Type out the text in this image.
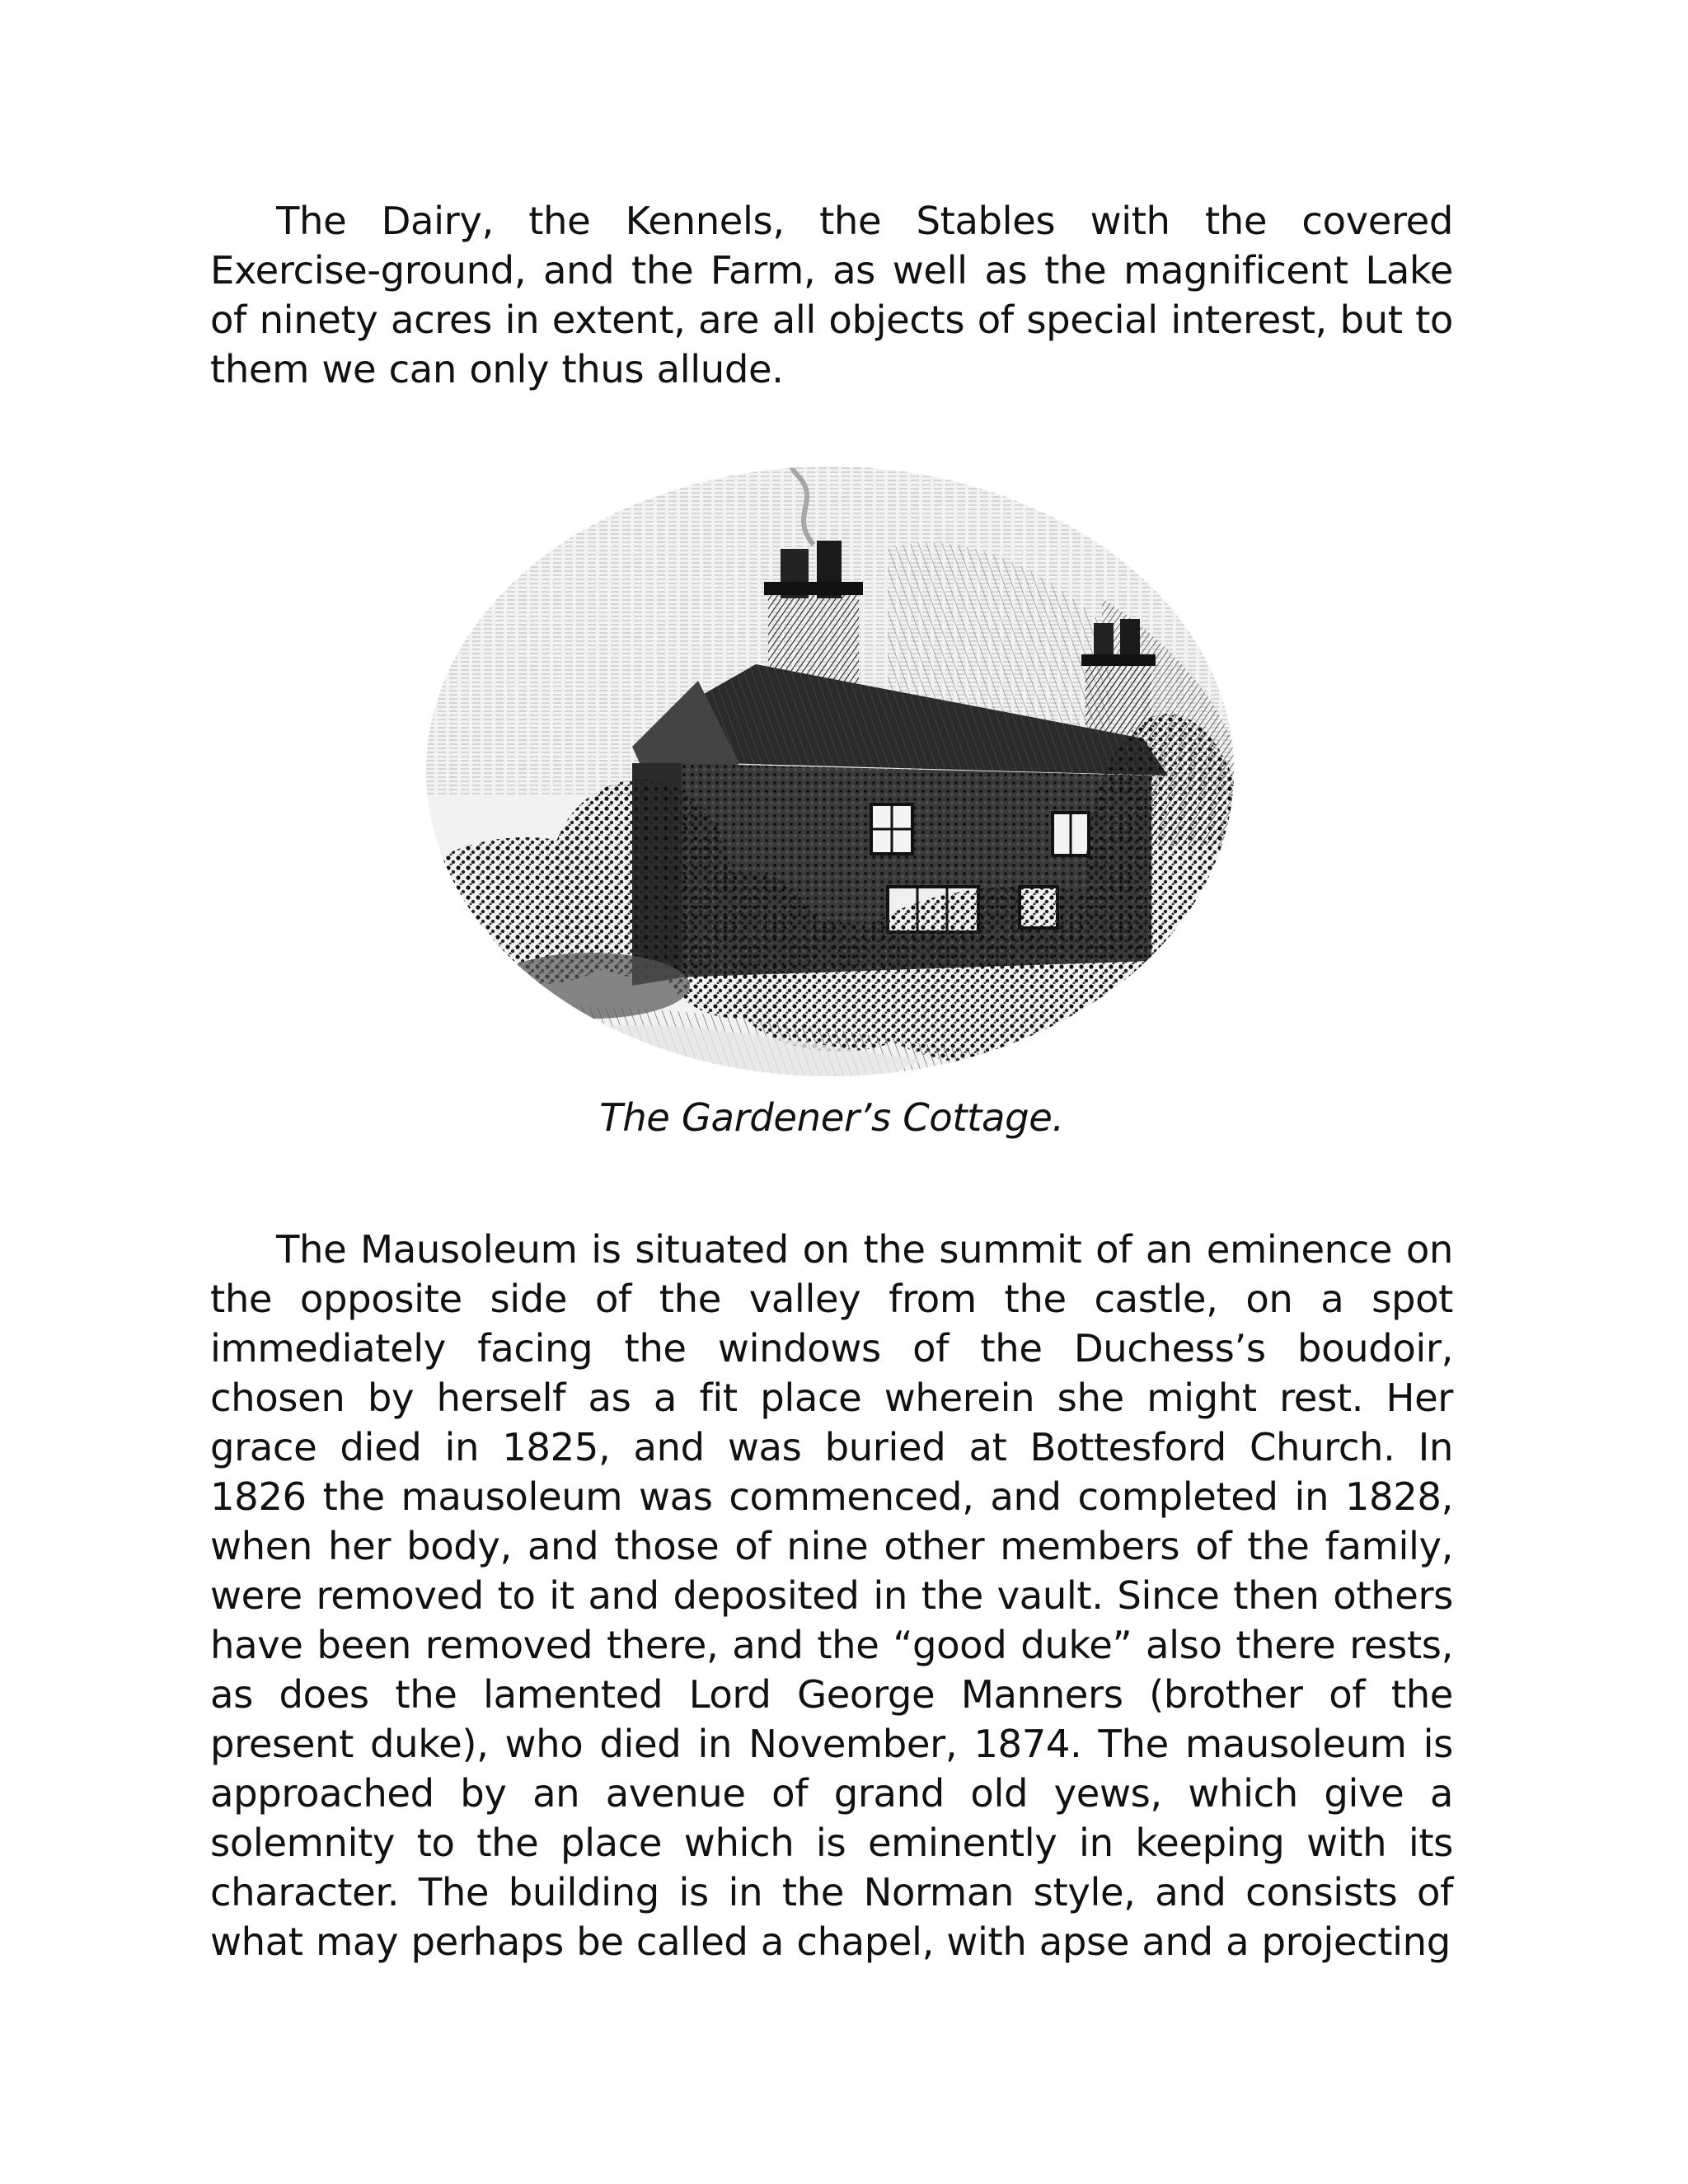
The Dairy, the Kennels, the Stables with the covered Exercise-ground, and the Farm, as well as the magnificent Lake of ninety acres in extent, are all objects of special interest, but to them we can only thus allude.

The Gardener’s Cottage.

The Mausoleum is situated on the summit of an eminence on the opposite side of the valley from the castle, on a spot immediately facing the windows of the Duchess’s boudoir, chosen by herself as a fit place wherein she might rest. Her grace died in 1825, and was buried at Bottesford Church. In 1826 the mausoleum was commenced, and completed in 1828, when her body, and those of nine other members of the family, were removed to it and deposited in the vault. Since then others have been removed there, and the “good duke” also there rests, as does the lamented Lord George Manners (brother of the present duke), who died in November, 1874. The mausoleum is approached by an avenue of grand old yews, which give a solemnity to the place which is eminently in keeping with its character. The building is in the Norman style, and consists of what may perhaps be called a chapel, with apse and a projecting
